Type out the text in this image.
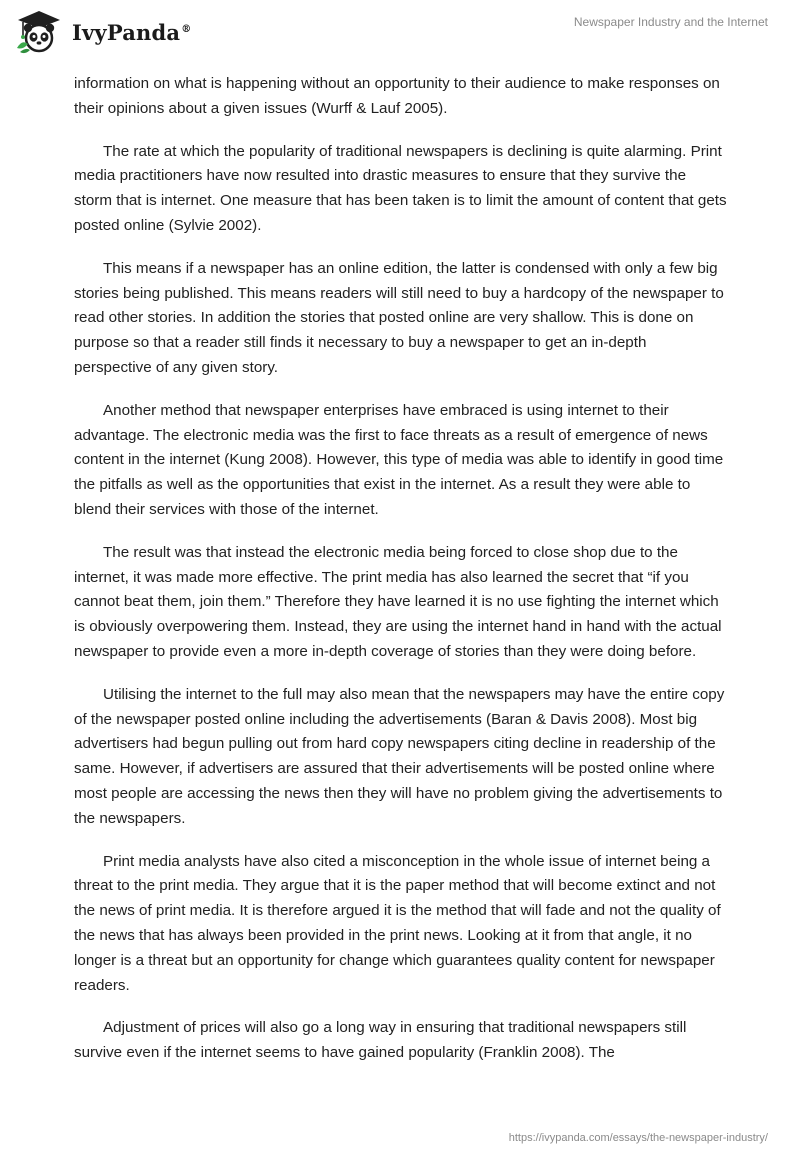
IvyPanda®	Newspaper Industry and the Internet

information on what is happening without an opportunity to their audience to make responses on their opinions about a given issues (Wurff & Lauf 2005).

The rate at which the popularity of traditional newspapers is declining is quite alarming. Print media practitioners have now resulted into drastic measures to ensure that they survive the storm that is internet. One measure that has been taken is to limit the amount of content that gets posted online (Sylvie 2002).

This means if a newspaper has an online edition, the latter is condensed with only a few big stories being published. This means readers will still need to buy a hardcopy of the newspaper to read other stories. In addition the stories that posted online are very shallow. This is done on purpose so that a reader still finds it necessary to buy a newspaper to get an in-depth perspective of any given story.

Another method that newspaper enterprises have embraced is using internet to their advantage. The electronic media was the first to face threats as a result of emergence of news content in the internet (Kung 2008). However, this type of media was able to identify in good time the pitfalls as well as the opportunities that exist in the internet. As a result they were able to blend their services with those of the internet.

The result was that instead the electronic media being forced to close shop due to the internet, it was made more effective. The print media has also learned the secret that “if you cannot beat them, join them.” Therefore they have learned it is no use fighting the internet which is obviously overpowering them. Instead, they are using the internet hand in hand with the actual newspaper to provide even a more in-depth coverage of stories than they were doing before.

Utilising the internet to the full may also mean that the newspapers may have the entire copy of the newspaper posted online including the advertisements (Baran & Davis 2008). Most big advertisers had begun pulling out from hard copy newspapers citing decline in readership of the same. However, if advertisers are assured that their advertisements will be posted online where most people are accessing the news then they will have no problem giving the advertisements to the newspapers.

Print media analysts have also cited a misconception in the whole issue of internet being a threat to the print media. They argue that it is the paper method that will become extinct and not the news of print media. It is therefore argued it is the method that will fade and not the quality of the news that has always been provided in the print news. Looking at it from that angle, it no longer is a threat but an opportunity for change which guarantees quality content for newspaper readers.

Adjustment of prices will also go a long way in ensuring that traditional newspapers still survive even if the internet seems to have gained popularity (Franklin 2008). The

https://ivypanda.com/essays/the-newspaper-industry/
